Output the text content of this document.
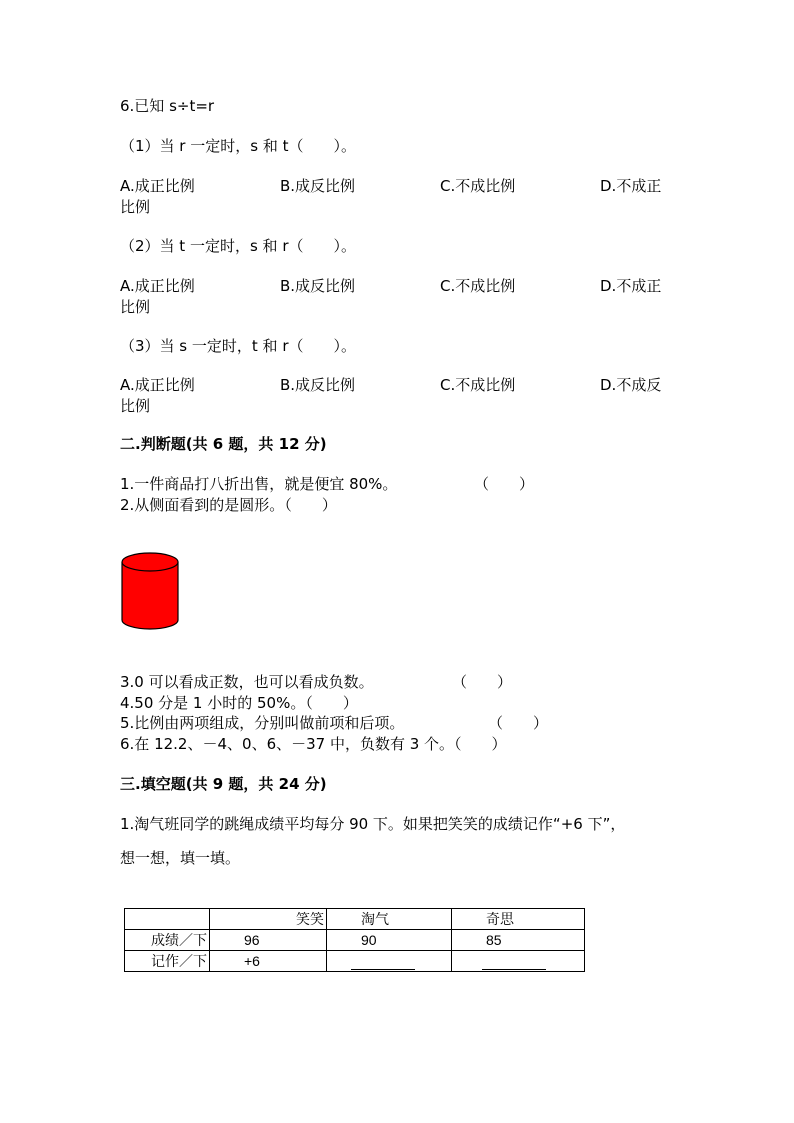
6.已知 s÷t=r
（1）当 r 一定时，s 和 t（　　）。
A.成正比例	B.成反比例	C.不成比例	D.不成正
比例
（2）当 t 一定时，s 和 r（　　）。
A.成正比例	B.成反比例	C.不成比例	D.不成正
比例
（3）当 s 一定时，t 和 r（　　）。
A.成正比例	B.成反比例	C.不成比例	D.不成反
比例
二.判断题(共 6 题，共 12 分)
1.一件商品打八折出售，就是便宜 80%。	（　　）
2.从侧面看到的是圆形。（　　）
3.0 可以看成正数，也可以看成负数。	（　　）
4.50 分是 1 小时的 50%。（　　）
5.比例由两项组成，分别叫做前项和后项。	（　　）
6.在 12.2、－4、0、6、－37 中，负数有 3 个。（　　）
三.填空题(共 9 题，共 24 分)
1.淘气班同学的跳绳成绩平均每分 90 下。如果把笑笑的成绩记作“+6 下”，
想一想，填一填。
	笑笑	淘气	奇思
成绩／下	96	90	85
记作／下	+6		
